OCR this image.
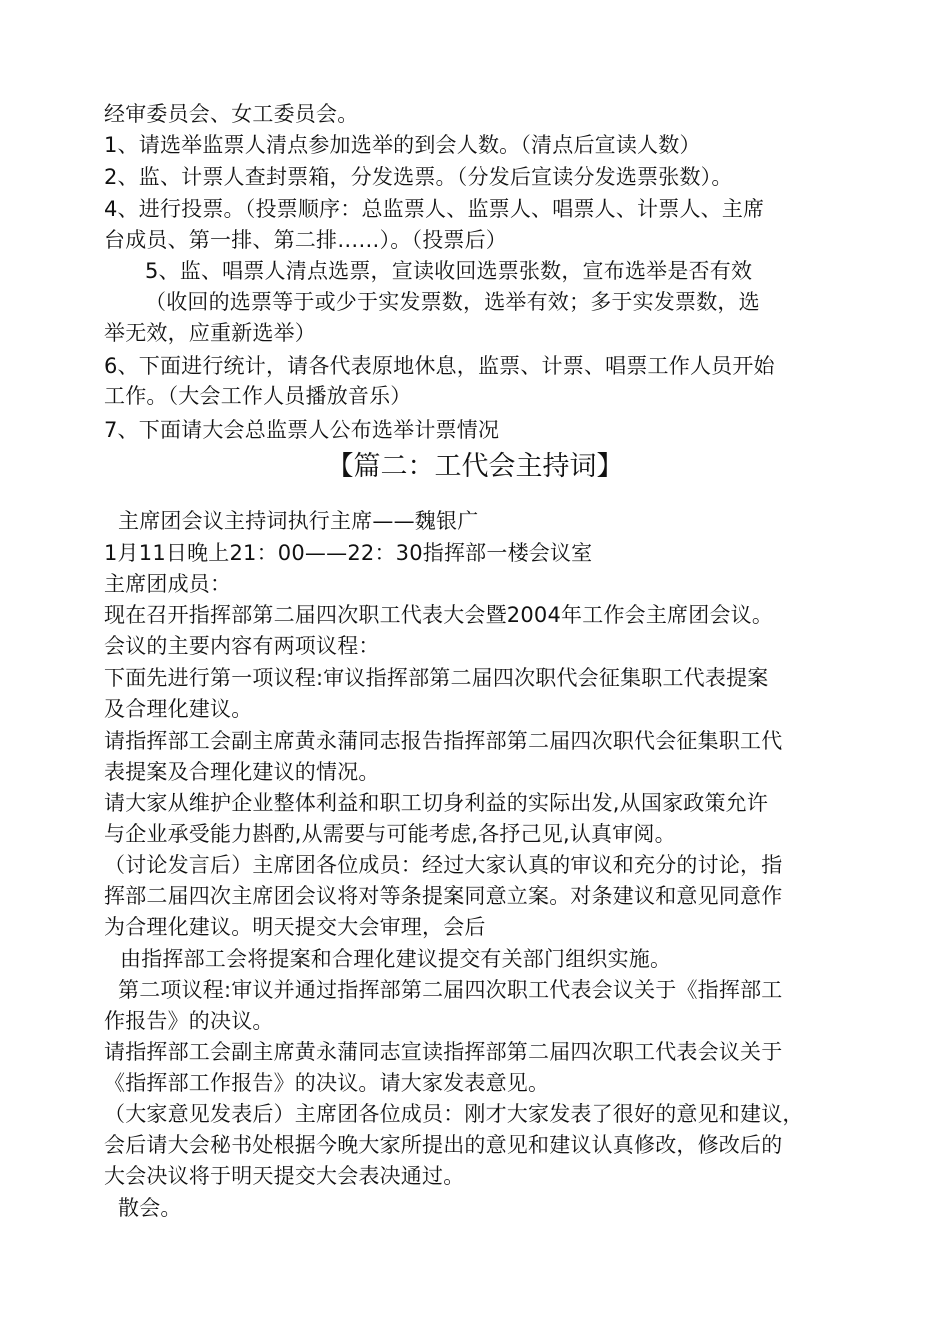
经审委员会、女工委员会。
1、请选举监票人清点参加选举的到会人数。（清点后宣读人数）
2、监、计票人查封票箱，分发选票。（分发后宣读分发选票张数）。
4、进行投票。（投票顺序：总监票人、监票人、唱票人、计票人、主席
台成员、第一排、第二排……）。（投票后）
5、监、唱票人清点选票，宣读收回选票张数，宣布选举是否有效
（收回的选票等于或少于实发票数，选举有效；多于实发票数，选
举无效，应重新选举）
6、下面进行统计，请各代表原地休息，监票、计票、唱票工作人员开始
工作。（大会工作人员播放音乐）
7、下面请大会总监票人公布选举计票情况
【篇二：工代会主持词】
主席团会议主持词执行主席——魏银广
1月11日晚上21：00——22：30指挥部一楼会议室
主席团成员：
现在召开指挥部第二届四次职工代表大会暨2004年工作会主席团会议。
会议的主要内容有两项议程：
下面先进行第一项议程:审议指挥部第二届四次职代会征集职工代表提案
及合理化建议。
请指挥部工会副主席黄永蒲同志报告指挥部第二届四次职代会征集职工代
表提案及合理化建议的情况。
请大家从维护企业整体利益和职工切身利益的实际出发,从国家政策允许
与企业承受能力斟酌,从需要与可能考虑,各抒己见,认真审阅。
（讨论发言后）主席团各位成员：经过大家认真的审议和充分的讨论，指
挥部二届四次主席团会议将对等条提案同意立案。对条建议和意见同意作
为合理化建议。明天提交大会审理，会后
由指挥部工会将提案和合理化建议提交有关部门组织实施。
第二项议程:审议并通过指挥部第二届四次职工代表会议关于《指挥部工
作报告》的决议。
请指挥部工会副主席黄永蒲同志宣读指挥部第二届四次职工代表会议关于
《指挥部工作报告》的决议。请大家发表意见。
（大家意见发表后）主席团各位成员：刚才大家发表了很好的意见和建议，
会后请大会秘书处根据今晚大家所提出的意见和建议认真修改，修改后的
大会决议将于明天提交大会表决通过。
散会。
